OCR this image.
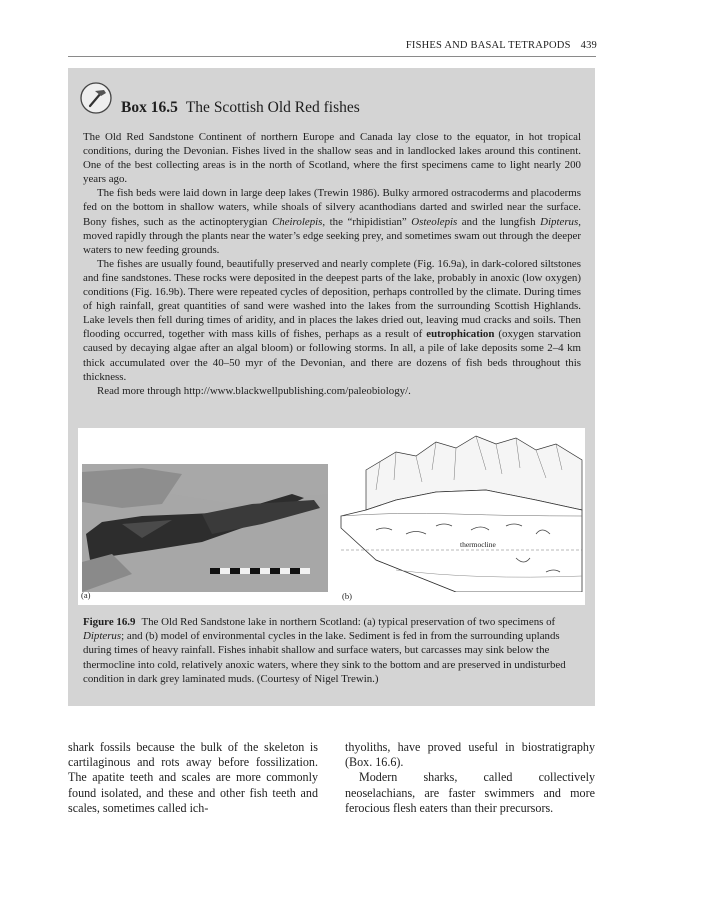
FISHES AND BASAL TETRAPODS 439
Box 16.5 The Scottish Old Red fishes

The Old Red Sandstone Continent of northern Europe and Canada lay close to the equator, in hot tropical conditions, during the Devonian. Fishes lived in the shallow seas and in landlocked lakes around this continent. One of the best collecting areas is in the north of Scotland, where the first specimens came to light nearly 200 years ago.

The fish beds were laid down in large deep lakes (Trewin 1986). Bulky armored ostracoderms and placoderms fed on the bottom in shallow waters, while shoals of silvery acanthodians darted and swirled near the surface. Bony fishes, such as the actinopterygian Cheirolepis, the “rhipidistian” Osteolepis and the lungfish Dipterus, moved rapidly through the plants near the water’s edge seeking prey, and sometimes swam out through the deeper waters to new feeding grounds.

The fishes are usually found, beautifully preserved and nearly complete (Fig. 16.9a), in dark-colored siltstones and fine sandstones. These rocks were deposited in the deepest parts of the lake, probably in anoxic (low oxygen) conditions (Fig. 16.9b). There were repeated cycles of deposition, perhaps controlled by the climate. During times of high rainfall, great quantities of sand were washed into the lakes from the surrounding Scottish Highlands. Lake levels then fell during times of aridity, and in places the lakes dried out, leaving mud cracks and soils. Then flooding occurred, together with mass kills of fishes, perhaps as a result of eutrophication (oxygen starvation caused by decaying algae after an algal bloom) or following storms. In all, a pile of lake deposits some 2–4 km thick accumulated over the 40–50 myr of the Devonian, and there are dozens of fish beds throughout this thickness.

Read more through http://www.blackwellpublishing.com/paleobiology/.

thermocline
(a)	(b)
Figure 16.9 The Old Red Sandstone lake in northern Scotland: (a) typical preservation of two specimens of Dipterus; and (b) model of environmental cycles in the lake. Sediment is fed in from the surrounding uplands during times of heavy rainfall. Fishes inhabit shallow and surface waters, but carcasses may sink below the thermocline into cold, relatively anoxic waters, where they sink to the bottom and are preserved in undisturbed condition in dark grey laminated muds. (Courtesy of Nigel Trewin.)

shark fossils because the bulk of the skeleton is cartilaginous and rots away before fossilization. The apatite teeth and scales are more commonly found isolated, and these and other fish teeth and scales, sometimes called ich-

thyoliths, have proved useful in biostratigraphy (Box. 16.6).

Modern sharks, called collectively neoselachians, are faster swimmers and more ferocious flesh eaters than their precursors.
